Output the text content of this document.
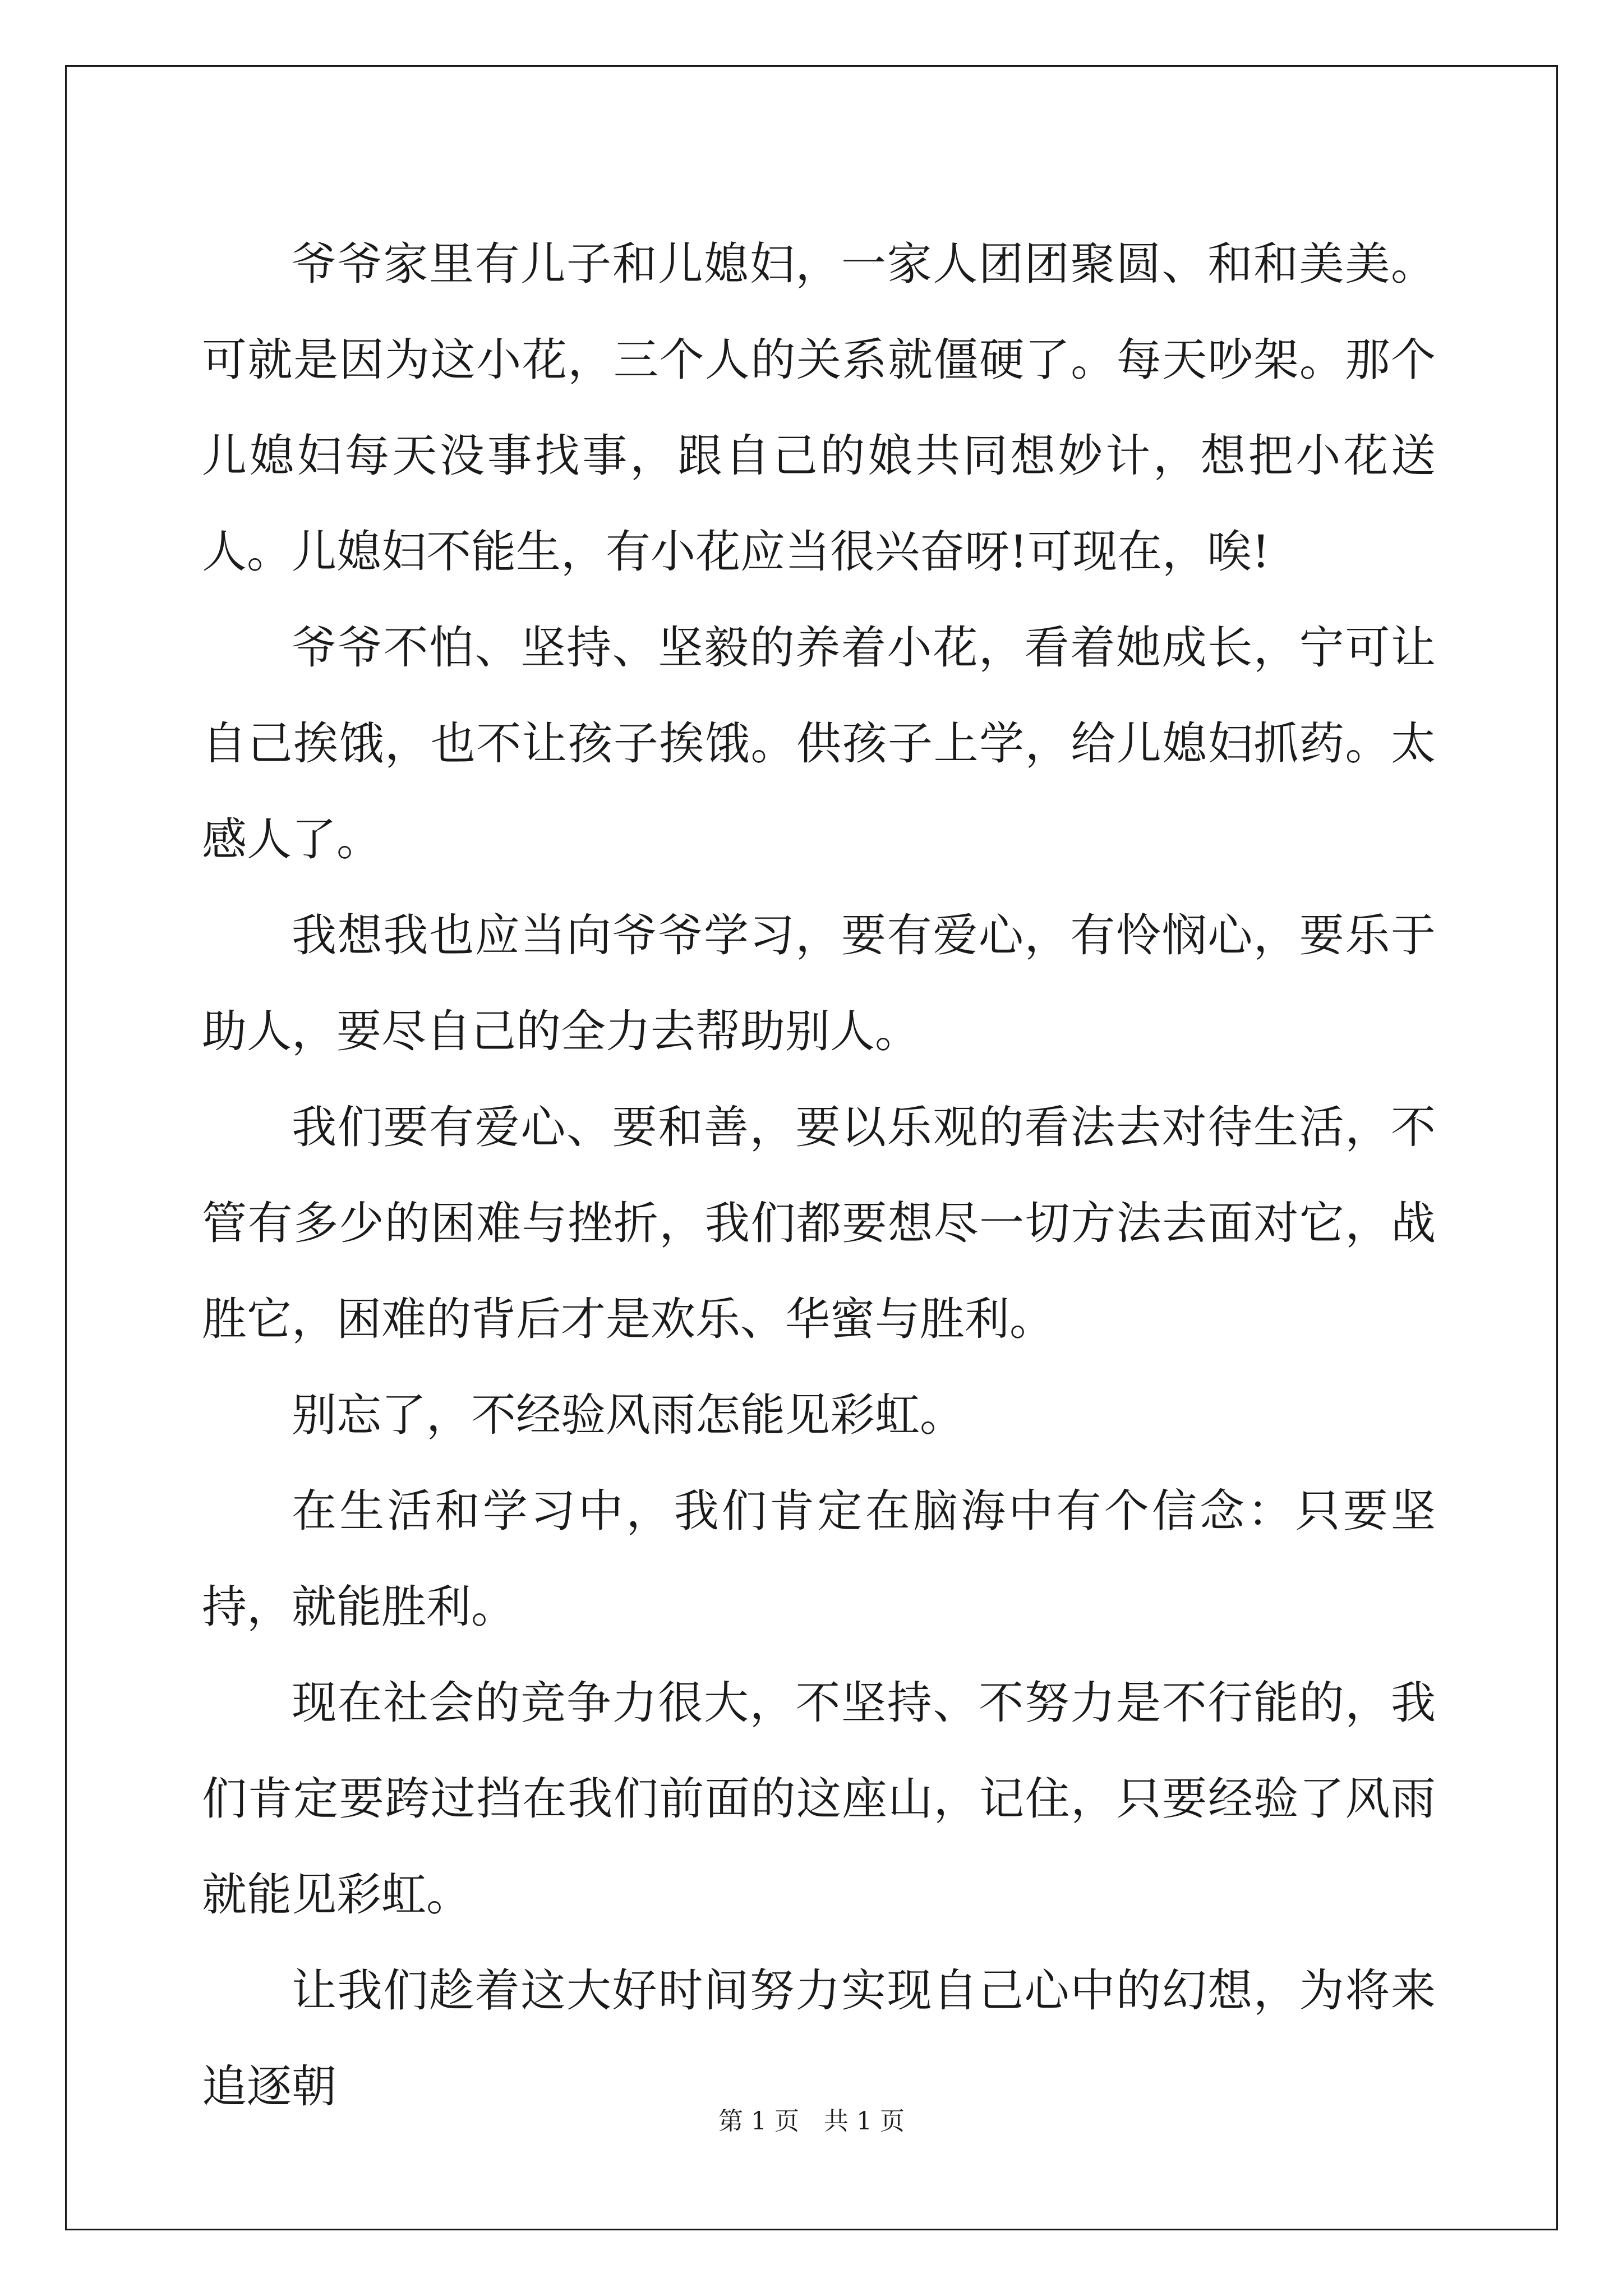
爷爷家里有儿子和儿媳妇，一家人团团聚圆、和和美美。可就是因为这小花，三个人的关系就僵硬了。每天吵架。那个儿媳妇每天没事找事，跟自己的娘共同想妙计，想把小花送人。儿媳妇不能生，有小花应当很兴奋呀!可现在，唉!

爷爷不怕、坚持、坚毅的养着小花，看着她成长，宁可让自己挨饿，也不让孩子挨饿。供孩子上学，给儿媳妇抓药。太感人了。

我想我也应当向爷爷学习，要有爱心，有怜悯心，要乐于助人，要尽自己的全力去帮助别人。

我们要有爱心、要和善，要以乐观的看法去对待生活，不管有多少的困难与挫折，我们都要想尽一切方法去面对它，战胜它，困难的背后才是欢乐、华蜜与胜利。

别忘了，不经验风雨怎能见彩虹。

在生活和学习中，我们肯定在脑海中有个信念：只要坚持，就能胜利。

现在社会的竞争力很大，不坚持、不努力是不行能的，我们肯定要跨过挡在我们前面的这座山，记住，只要经验了风雨就能见彩虹。

让我们趁着这大好时间努力实现自己心中的幻想，为将来追逐朝

第 1 页　共 1 页
